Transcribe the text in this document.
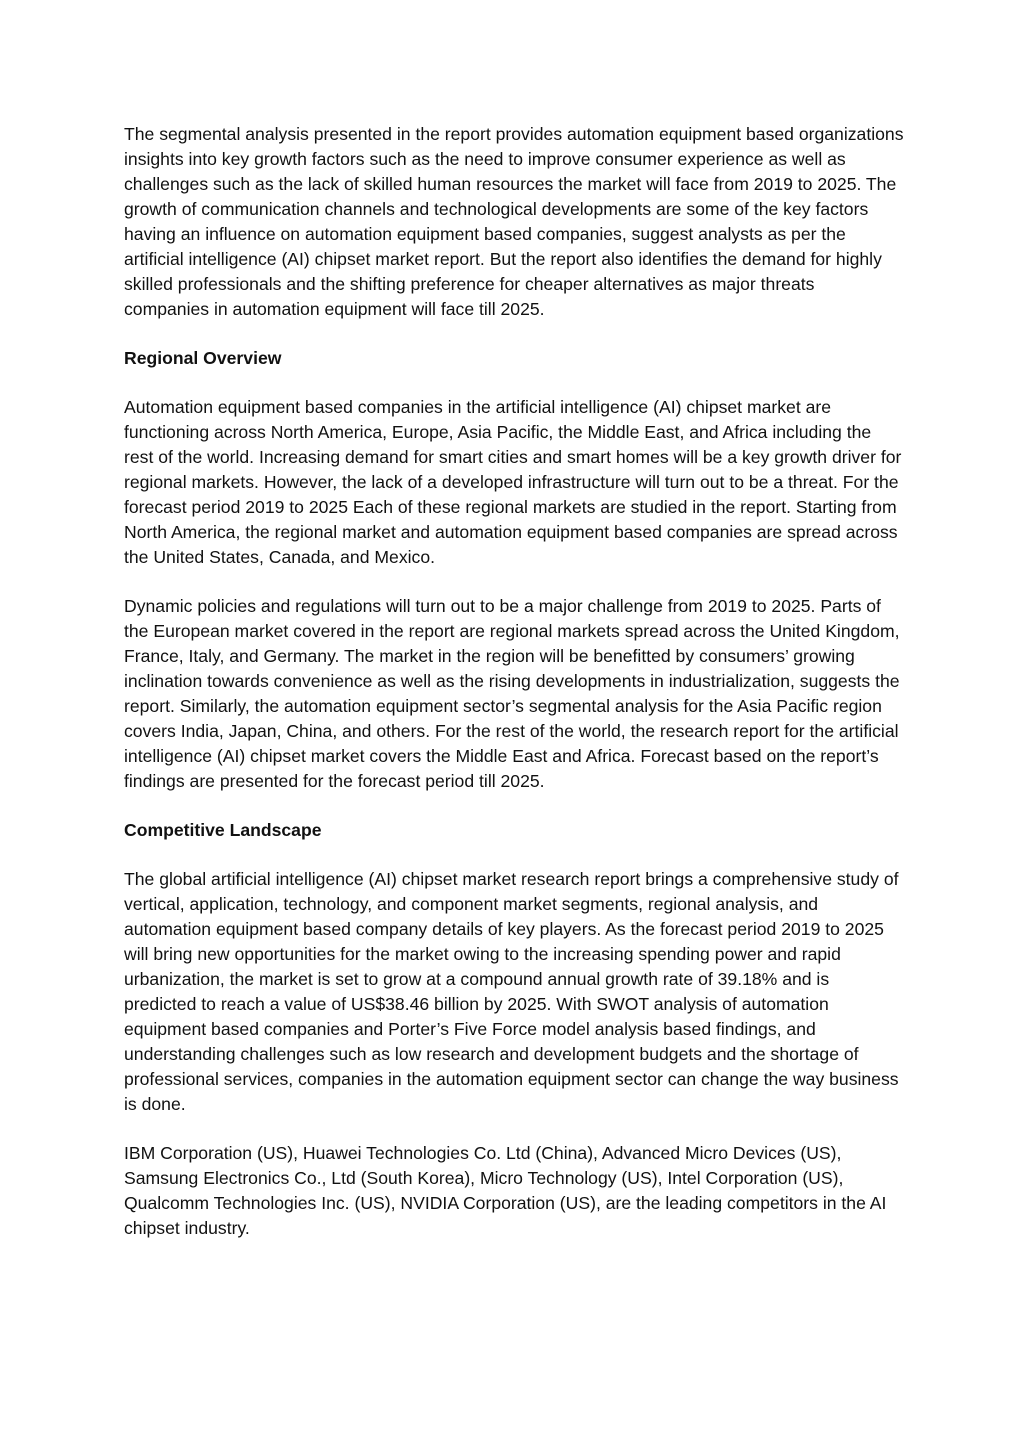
The segmental analysis presented in the report provides automation equipment based organizations insights into key growth factors such as the need to improve consumer experience as well as challenges such as the lack of skilled human resources the market will face from 2019 to 2025. The growth of communication channels and technological developments are some of the key factors having an influence on automation equipment based companies, suggest analysts as per the artificial intelligence (AI) chipset market report. But the report also identifies the demand for highly skilled professionals and the shifting preference for cheaper alternatives as major threats companies in automation equipment will face till 2025.

Regional Overview

Automation equipment based companies in the artificial intelligence (AI) chipset market are functioning across North America, Europe, Asia Pacific, the Middle East, and Africa including the rest of the world. Increasing demand for smart cities and smart homes will be a key growth driver for regional markets. However, the lack of a developed infrastructure will turn out to be a threat. For the forecast period 2019 to 2025 Each of these regional markets are studied in the report. Starting from North America, the regional market and automation equipment based companies are spread across the United States, Canada, and Mexico.

Dynamic policies and regulations will turn out to be a major challenge from 2019 to 2025. Parts of the European market covered in the report are regional markets spread across the United Kingdom, France, Italy, and Germany. The market in the region will be benefitted by consumers’ growing inclination towards convenience as well as the rising developments in industrialization, suggests the report. Similarly, the automation equipment sector’s segmental analysis for the Asia Pacific region covers India, Japan, China, and others. For the rest of the world, the research report for the artificial intelligence (AI) chipset market covers the Middle East and Africa. Forecast based on the report’s findings are presented for the forecast period till 2025.

Competitive Landscape

The global artificial intelligence (AI) chipset market research report brings a comprehensive study of vertical, application, technology, and component market segments, regional analysis, and automation equipment based company details of key players. As the forecast period 2019 to 2025 will bring new opportunities for the market owing to the increasing spending power and rapid urbanization, the market is set to grow at a compound annual growth rate of 39.18% and is predicted to reach a value of US$38.46 billion by 2025. With SWOT analysis of automation equipment based companies and Porter’s Five Force model analysis based findings, and understanding challenges such as low research and development budgets and the shortage of professional services, companies in the automation equipment sector can change the way business is done.

IBM Corporation (US), Huawei Technologies Co. Ltd (China), Advanced Micro Devices (US), Samsung Electronics Co., Ltd (South Korea), Micro Technology (US), Intel Corporation (US), Qualcomm Technologies Inc. (US), NVIDIA Corporation (US), are the leading competitors in the AI chipset industry.
